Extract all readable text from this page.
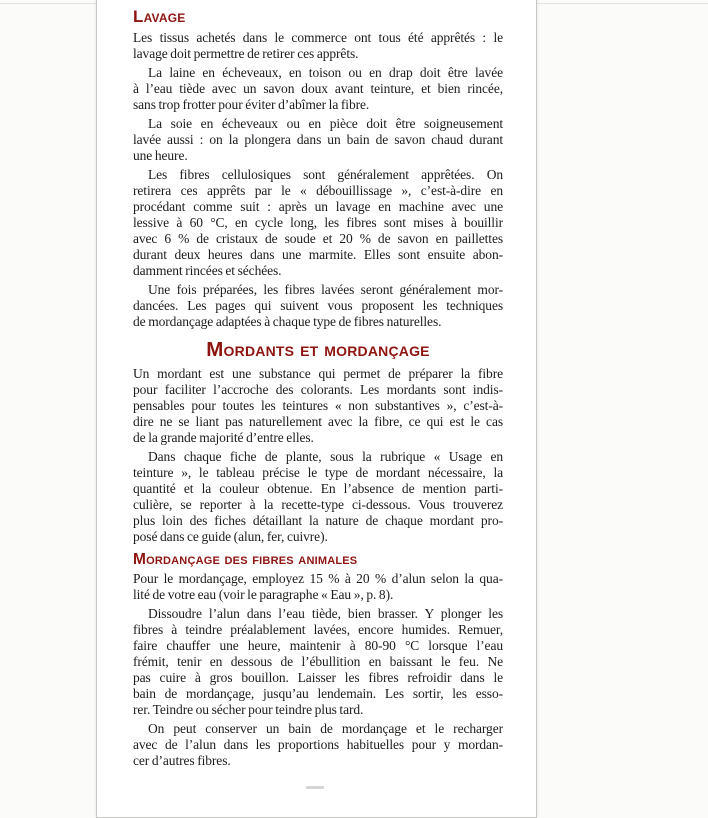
Lavage
Les tissus achetés dans le commerce ont tous été apprêtés : le
lavage doit permettre de retirer ces apprêts.
La laine en écheveaux, en toison ou en drap doit être lavée
à l’eau tiède avec un savon doux avant teinture, et bien rincée,
sans trop frotter pour éviter d’abîmer la fibre.
La soie en écheveaux ou en pièce doit être soigneusement
lavée aussi : on la plongera dans un bain de savon chaud durant
une heure.
Les fibres cellulosiques sont généralement apprêtées. On
retirera ces apprêts par le « débouillissage », c’est-à-dire en
procédant comme suit : après un lavage en machine avec une
lessive à 60 °C, en cycle long, les fibres sont mises à bouillir
avec 6 % de cristaux de soude et 20 % de savon en paillettes
durant deux heures dans une marmite. Elles sont ensuite abon-
damment rincées et séchées.
Une fois préparées, les fibres lavées seront généralement mor-
dancées. Les pages qui suivent vous proposent les techniques
de mordançage adaptées à chaque type de fibres naturelles.
Mordants et mordançage
Un mordant est une substance qui permet de préparer la fibre
pour faciliter l’accroche des colorants. Les mordants sont indis-
pensables pour toutes les teintures « non substantives », c’est-à-
dire ne se liant pas naturellement avec la fibre, ce qui est le cas
de la grande majorité d’entre elles.
Dans chaque fiche de plante, sous la rubrique « Usage en
teinture », le tableau précise le type de mordant nécessaire, la
quantité et la couleur obtenue. En l’absence de mention parti-
culière, se reporter à la recette-type ci-dessous. Vous trouverez
plus loin des fiches détaillant la nature de chaque mordant pro-
posé dans ce guide (alun, fer, cuivre).
Mordançage des fibres animales
Pour le mordançage, employez 15 % à 20 % d’alun selon la qua-
lité de votre eau (voir le paragraphe « Eau », p. 8).
Dissoudre l’alun dans l’eau tiède, bien brasser. Y plonger les
fibres à teindre préalablement lavées, encore humides. Remuer,
faire chauffer une heure, maintenir à 80-90 °C lorsque l’eau
frémit, tenir en dessous de l’ébullition en baissant le feu. Ne
pas cuire à gros bouillon. Laisser les fibres refroidir dans le
bain de mordançage, jusqu’au lendemain. Les sortir, les esso-
rer. Teindre ou sécher pour teindre plus tard.
On peut conserver un bain de mordançage et le recharger
avec de l’alun dans les proportions habituelles pour y mordan-
cer d’autres fibres.
